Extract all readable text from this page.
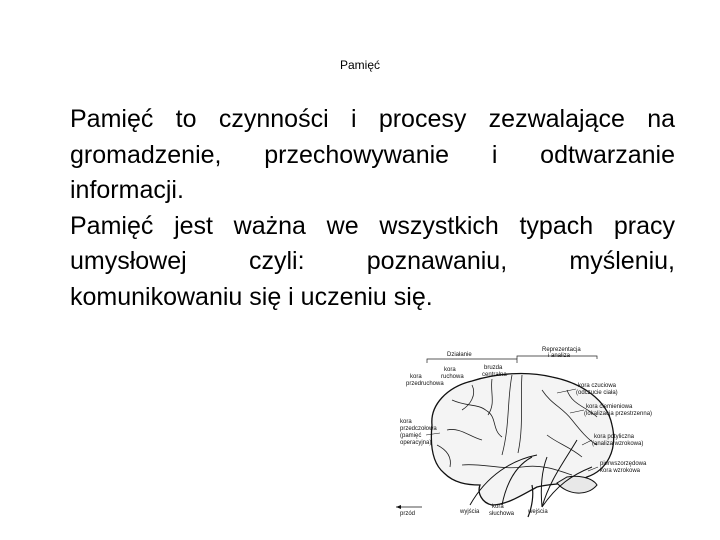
Pamięć

Pamięć to czynności i procesy zezwalające na gromadzenie, przechowywanie i odtwarzanie informacji.

Pamięć jest ważna we wszystkich typach pracy umysłowej czyli: poznawaniu, myśleniu, komunikowaniu się i uczeniu się.

Działanie
Reprezentacja
i analiza
przód
kora
ruchowa
bruzda
centralna
kora
przedruchowa	kora czuciowa
(odczucie ciała)
kora ciemieniowa
(lokalizacja przestrzenna)
kora potyliczna
(analiza wzrokowa)
pierwszorzędowa
kora wzrokowa
kora
przedczołowa
(pamięć
operacyjna)
wyjścia
kora
słuchowa wejścia
